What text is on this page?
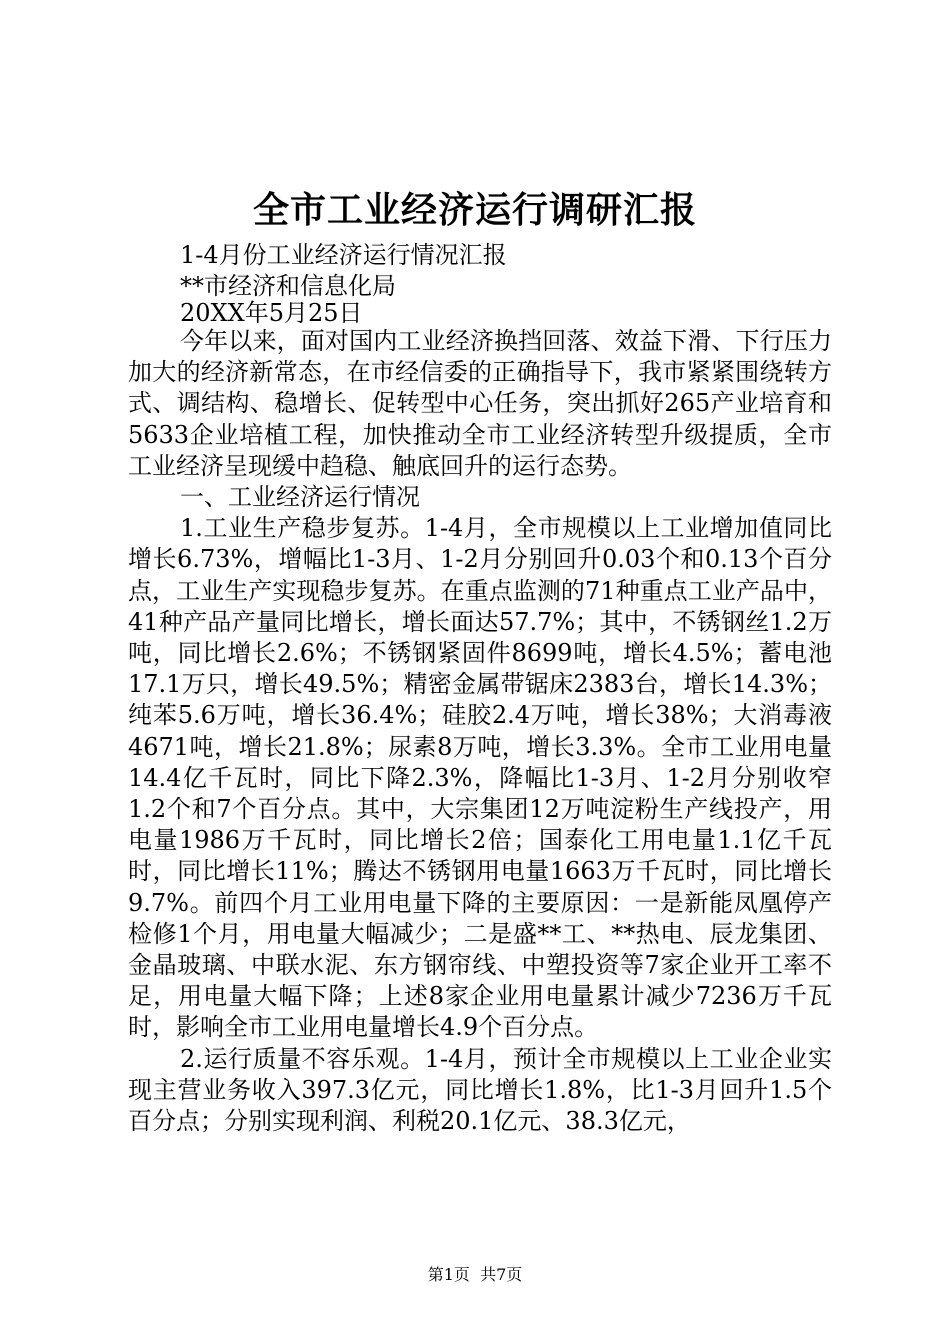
全市工业经济运行调研汇报
1-4月份工业经济运行情况汇报
**市经济和信息化局
20XX年5月25日

今年以来，面对国内工业经济换挡回落、效益下滑、下行压力加大的经济新常态，在市经信委的正确指导下，我市紧紧围绕转方式、调结构、稳增长、促转型中心任务，突出抓好265产业培育和5633企业培植工程，加快推动全市工业经济转型升级提质，全市工业经济呈现缓中趋稳、触底回升的运行态势。

一、工业经济运行情况

1.工业生产稳步复苏。1-4月，全市规模以上工业增加值同比增长6.73%，增幅比1-3月、1-2月分别回升0.03个和0.13个百分点，工业生产实现稳步复苏。在重点监测的71种重点工业产品中，41种产品产量同比增长，增长面达57.7%；其中，不锈钢丝1.2万吨，同比增长2.6%；不锈钢紧固件8699吨，增长4.5%；蓄电池17.1万只，增长49.5%；精密金属带锯床2383台，增长14.3%；纯苯5.6万吨，增长36.4%；硅胶2.4万吨，增长38%；大消毒液4671吨，增长21.8%；尿素8万吨，增长3.3%。全市工业用电量14.4亿千瓦时，同比下降2.3%，降幅比1-3月、1-2月分别收窄1.2个和7个百分点。其中，大宗集团12万吨淀粉生产线投产，用电量1986万千瓦时，同比增长2倍；国泰化工用电量1.1亿千瓦时，同比增长11%；腾达不锈钢用电量1663万千瓦时，同比增长9.7%。前四个月工业用电量下降的主要原因：一是新能凤凰停产检修1个月，用电量大幅减少；二是盛**工、**热电、辰龙集团、金晶玻璃、中联水泥、东方钢帘线、中塑投资等7家企业开工率不足，用电量大幅下降；上述8家企业用电量累计减少7236万千瓦时，影响全市工业用电量增长4.9个百分点。

2.运行质量不容乐观。1-4月，预计全市规模以上工业企业实现主营业务收入397.3亿元，同比增长1.8%，比1-3月回升1.5个百分点；分别实现利润、利税20.1亿元、38.3亿元，

第1页 共7页
